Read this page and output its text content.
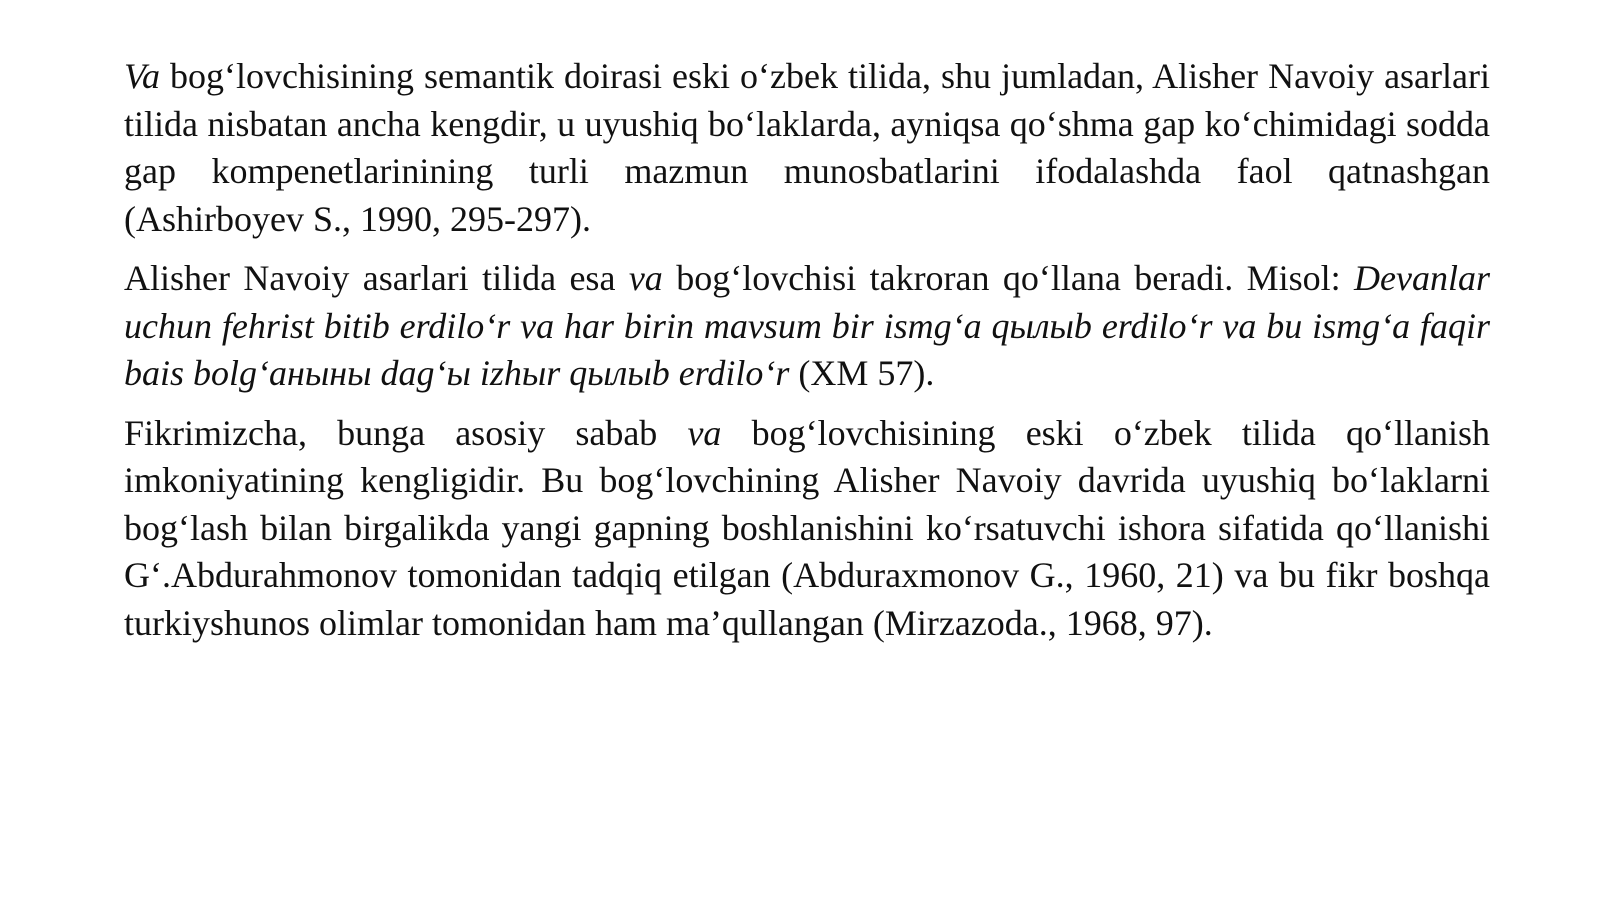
Va bog‘lovchisining semantik doirasi eski o‘zbek tilida, shu jumladan, Alisher Navoiy asarlari tilida nisbatan ancha kengdir, u uyushiq bo‘laklarda, ayniqsa qo‘shma gap ko‘chimidagi sodda gap kompenetlarinining turli mazmun munosbatlarini ifodalashda faol qatnashgan (Ashirboyev S., 1990, 295-297).

Alisher Navoiy asarlari tilida esa va bog‘lovchisi takroran qo‘llana beradi. Misol: Devanlar uchun fehrist bitib erdilo‘r va har birin mavsum bir ismg‘a qылыb erdilo‘r va bu ismg‘a faqir bais bolg‘aныны dag‘ы izhыr qылыb erdilo‘r (XM 57).

Fikrimizcha, bunga asosiy sabab va bog‘lovchisining eski o‘zbek tilida qo‘llanish imkoniyatining kengligidir. Bu bog‘lovchining Alisher Navoiy davrida uyushiq bo‘laklarni bog‘lash bilan birgalikda yangi gapning boshlanishini ko‘rsatuvchi ishora sifatida qo‘llanishi G‘.Abdurahmonov tomonidan tadqiq etilgan (Abduraxmonov G., 1960, 21) va bu fikr boshqa turkiyshunos olimlar tomonidan ham ma’qullangan (Mirzazoda., 1968, 97).
